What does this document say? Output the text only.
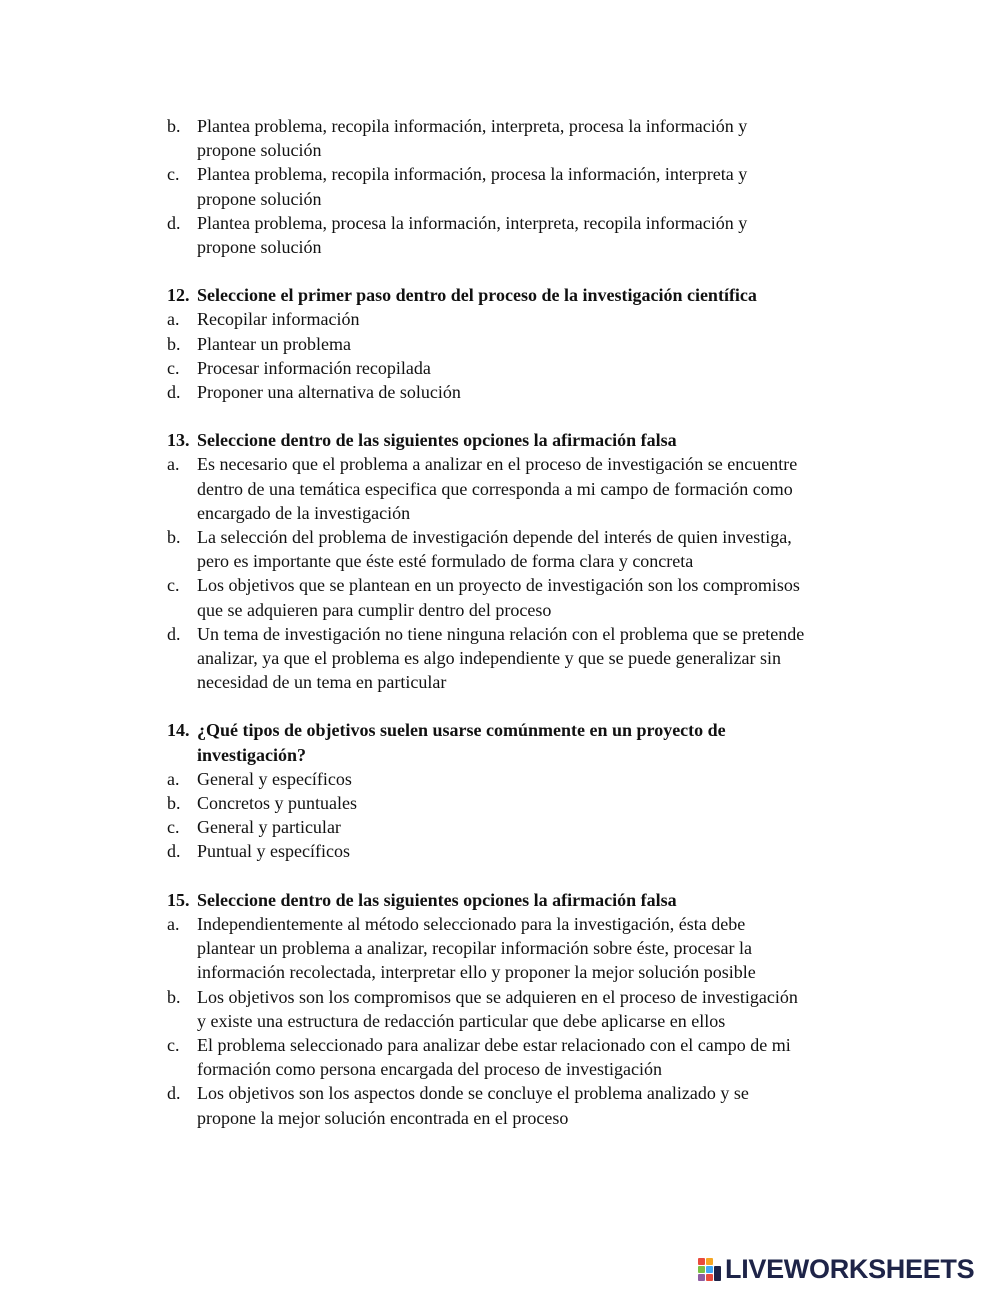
b. Plantea problema, recopila información, interpreta, procesa la información y
propone solución
c. Plantea problema, recopila información, procesa la información, interpreta y
propone solución
d. Plantea problema, procesa la información, interpreta, recopila información y
propone solución
12. Seleccione el primer paso dentro del proceso de la investigación científica
a. Recopilar información
b. Plantear un problema
c. Procesar información recopilada
d. Proponer una alternativa de solución
13. Seleccione dentro de las siguientes opciones la afirmación falsa
a. Es necesario que el problema a analizar en el proceso de investigación se encuentre
dentro de una temática especifica que corresponda a mi campo de formación como
encargado de la investigación
b. La selección del problema de investigación depende del interés de quien investiga,
pero es importante que éste esté formulado de forma clara y concreta
c. Los objetivos que se plantean en un proyecto de investigación son los compromisos
que se adquieren para cumplir dentro del proceso
d. Un tema de investigación no tiene ninguna relación con el problema que se pretende
analizar, ya que el problema es algo independiente y que se puede generalizar sin
necesidad de un tema en particular
14. ¿Qué tipos de objetivos suelen usarse comúnmente en un proyecto de
investigación?
a. General y específicos
b. Concretos y puntuales
c. General y particular
d. Puntual y específicos
15. Seleccione dentro de las siguientes opciones la afirmación falsa
a. Independientemente al método seleccionado para la investigación, ésta debe
plantear un problema a analizar, recopilar información sobre éste, procesar la
información recolectada, interpretar ello y proponer la mejor solución posible
b. Los objetivos son los compromisos que se adquieren en el proceso de investigación
y existe una estructura de redacción particular que debe aplicarse en ellos
c. El problema seleccionado para analizar debe estar relacionado con el campo de mi
formación como persona encargada del proceso de investigación
d. Los objetivos son los aspectos donde se concluye el problema analizado y se
propone la mejor solución encontrada en el proceso
LIVEWORKSHEETS
